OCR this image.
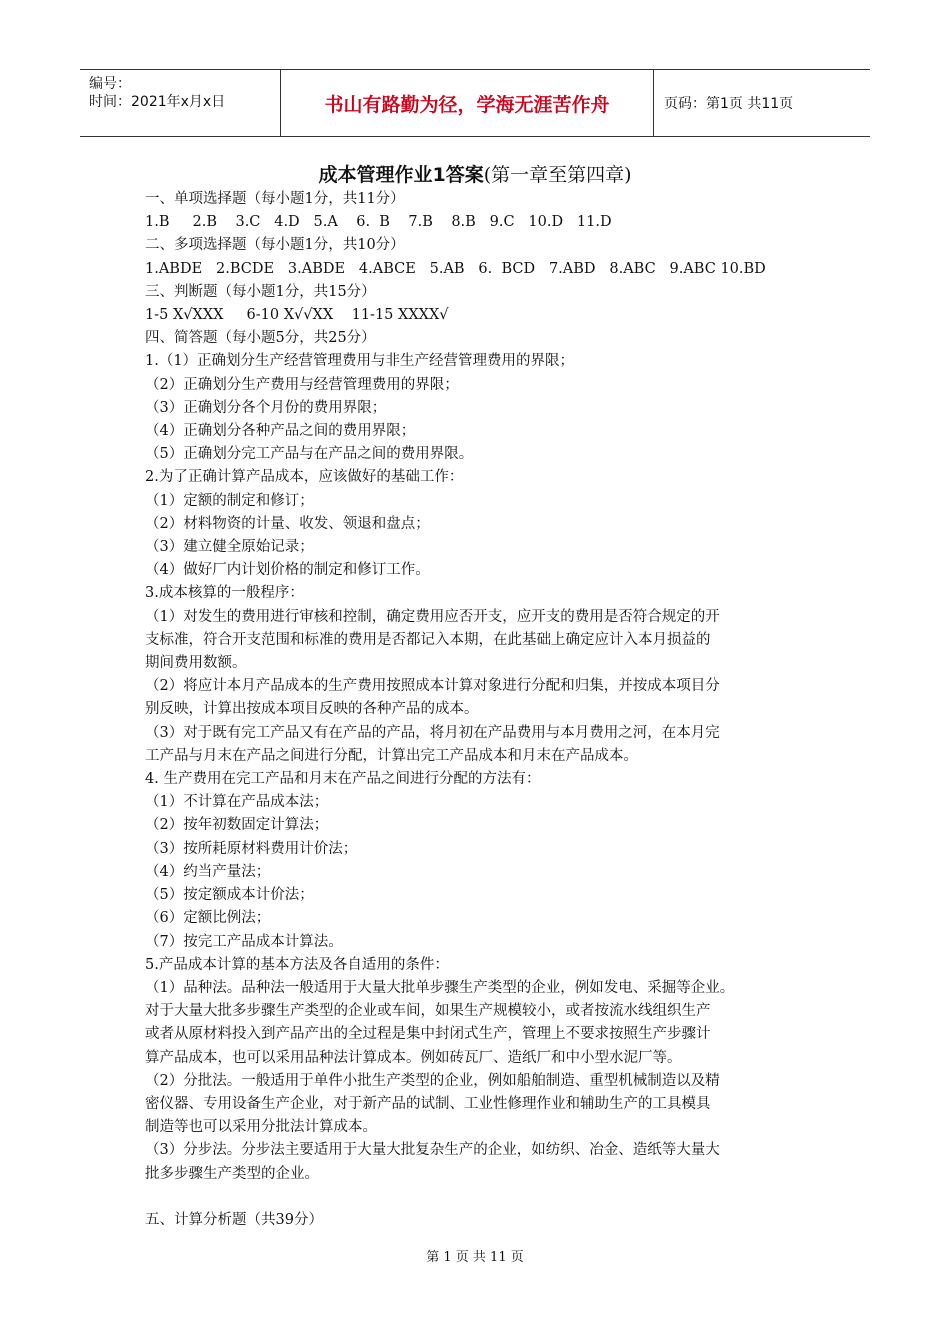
编号：
时间：2021年x月x日	书山有路勤为径，学海无涯苦作舟	页码：第1页 共11页
成本管理作业1答案(第一章至第四章)
一、单项选择题（每小题1分，共11分）
1.B     2.B    3.C   4.D   5.A    6.  B    7.B    8.B   9.C   10.D   11.D
二、多项选择题（每小题1分，共10分）
1.ABDE   2.BCDE   3.ABDE   4.ABCE   5.AB   6.  BCD   7.ABD   8.ABC   9.ABC 10.BD
三、判断题（每小题1分，共15分）
1-5 X√XXX     6-10 X√√XX    11-15 XXXX√
四、简答题（每小题5分，共25分）
1.（1）正确划分生产经营管理费用与非生产经营管理费用的界限；
（2）正确划分生产费用与经营管理费用的界限；
（3）正确划分各个月份的费用界限；
（4）正确划分各种产品之间的费用界限；
（5）正确划分完工产品与在产品之间的费用界限。
2.为了正确计算产品成本，应该做好的基础工作：
（1）定额的制定和修订；
（2）材料物资的计量、收发、领退和盘点；
（3）建立健全原始记录；
（4）做好厂内计划价格的制定和修订工作。
3.成本核算的一般程序：
（1）对发生的费用进行审核和控制，确定费用应否开支，应开支的费用是否符合规定的开
支标准，符合开支范围和标准的费用是否都记入本期，在此基础上确定应计入本月损益的
期间费用数额。
（2）将应计本月产品成本的生产费用按照成本计算对象进行分配和归集，并按成本项目分
别反映，计算出按成本项目反映的各种产品的成本。
（3）对于既有完工产品又有在产品的产品，将月初在产品费用与本月费用之河，在本月完
工产品与月末在产品之间进行分配，计算出完工产品成本和月末在产品成本。
4. 生产费用在完工产品和月末在产品之间进行分配的方法有：
（1）不计算在产品成本法；
（2）按年初数固定计算法；
（3）按所耗原材料费用计价法；
（4）约当产量法；
（5）按定额成本计价法；
（6）定额比例法；
（7）按完工产品成本计算法。
5.产品成本计算的基本方法及各自适用的条件：
（1）品种法。品种法一般适用于大量大批单步骤生产类型的企业，例如发电、采掘等企业。
对于大量大批多步骤生产类型的企业或车间，如果生产规模较小，或者按流水线组织生产
或者从原材料投入到产品产出的全过程是集中封闭式生产，管理上不要求按照生产步骤计
算产品成本，也可以采用品种法计算成本。例如砖瓦厂、造纸厂和中小型水泥厂等。
（2）分批法。一般适用于单件小批生产类型的企业，例如船舶制造、重型机械制造以及精
密仪器、专用设备生产企业，对于新产品的试制、工业性修理作业和辅助生产的工具模具
制造等也可以采用分批法计算成本。
（3）分步法。分步法主要适用于大量大批复杂生产的企业，如纺织、冶金、造纸等大量大
批多步骤生产类型的企业。

五、计算分析题（共39分）
第 1 页 共 11 页
